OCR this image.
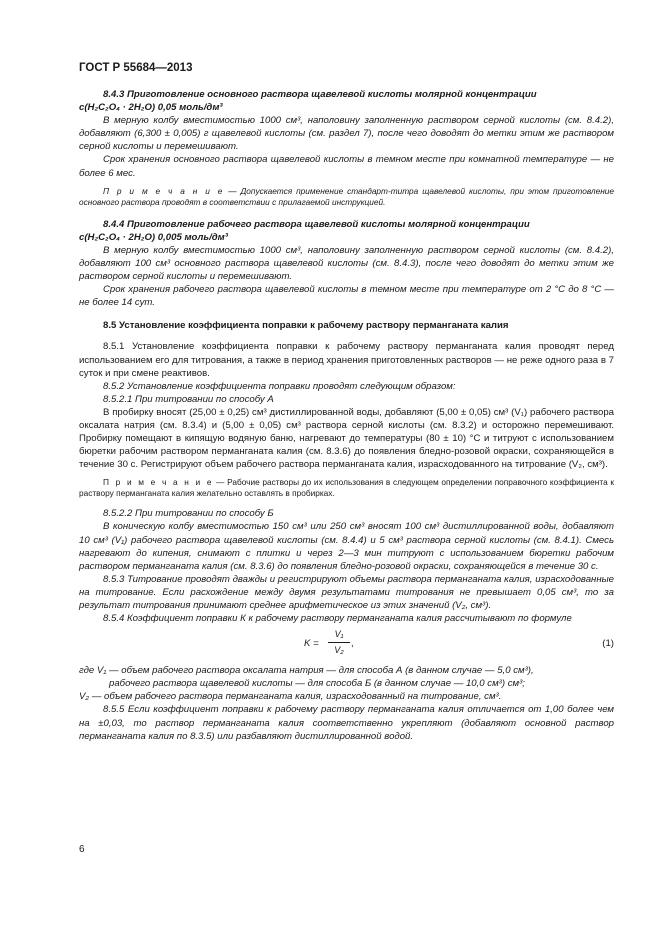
ГОСТ Р 55684—2013

8.4.3 Приготовление основного раствора щавелевой кислоты молярной концентрации

c(H₂C₂O₄ · 2H₂O) 0,05 моль/дм³

В мерную колбу вместимостью 1000 см³, наполовину заполненную раствором серной кислоты (см. 8.4.2), добавляют (6,300 ± 0,005) г щавелевой кислоты (см. раздел 7), после чего доводят до метки этим же раствором серной кислоты и перемешивают.

Срок хранения основного раствора щавелевой кислоты в темном месте при комнатной температуре — не более 6 мес.

П р и м е ч а н и е — Допускается применение стандарт-титра щавелевой кислоты, при этом приготовление основного раствора проводят в соответствии с прилагаемой инструкцией.

8.4.4 Приготовление рабочего раствора щавелевой кислоты молярной концентрации

c(H₂C₂O₄ · 2H₂O) 0,005 моль/дм³

В мерную колбу вместимостью 1000 см³, наполовину заполненную раствором серной кислоты (см. 8.4.2), добавляют 100 см³ основного раствора щавелевой кислоты (см. 8.4.3), после чего доводят до метки этим же раствором серной кислоты и перемешивают.

Срок хранения рабочего раствора щавелевой кислоты в темном месте при температуре от 2 °С до 8 °С — не более 14 сут.

8.5 Установление коэффициента поправки к рабочему раствору перманганата калия

8.5.1 Установление коэффициента поправки к рабочему раствору перманганата калия проводят перед использованием его для титрования, а также в период хранения приготовленных растворов — не реже одного раза в 7 суток и при смене реактивов.

8.5.2 Установление коэффициента поправки проводят следующим образом:

8.5.2.1 При титровании по способу А

В пробирку вносят (25,00 ± 0,25) см³ дистиллированной воды, добавляют (5,00 ± 0,05) см³ (V₁) рабочего раствора оксалата натрия (см. 8.3.4) и (5,00 ± 0,05) см³ раствора серной кислоты (см. 8.3.2) и осторожно перемешивают. Пробирку помещают в кипящую водяную баню, нагревают до температуры (80 ± 10) °С и титруют с использованием бюретки рабочим раствором перманганата калия (см. 8.3.6) до появления бледно-розовой окраски, сохраняющейся в течение 30 с. Регистрируют объем рабочего раствора перманганата калия, израсходованного на титрование (V₂, см³).

П р и м е ч а н и е — Рабочие растворы до их использования в следующем определении поправочного коэффициента к раствору перманганата калия желательно оставлять в пробирках.

8.5.2.2 При титровании по способу Б

В коническую колбу вместимостью 150 см³ или 250 см³ вносят 100 см³ дистиллированной воды, добавляют 10 см³ (V₁) рабочего раствора щавелевой кислоты (см. 8.4.4) и 5 см³ раствора серной кислоты (см. 8.4.1). Смесь нагревают до кипения, снимают с плитки и через 2—3 мин титруют с использованием бюретки рабочим раствором перманганата калия (см. 8.3.6) до появления бледно-розовой окраски, сохраняющейся в течение 30 с.

8.5.3 Титрование проводят дважды и регистрируют объемы раствора перманганата калия, израсходованные на титрование. Если расхождение между двумя результатами титрования не превышает 0,05 см³, то за результат титрования принимают среднее арифметическое из этих значений (V₂, см³).

8.5.4 Коэффициент поправки К к рабочему раствору перманганата калия рассчитывают по формуле

K =
V₁
V₂
,	(1)

где V₁ — объем рабочего раствора оксалата натрия — для способа А (в данном случае — 5,0 см³),

рабочего раствора щавелевой кислоты — для способа Б (в данном случае — 10,0 см³) см³;

V₂ — объем рабочего раствора перманганата калия, израсходованный на титрование, см³.

8.5.5 Если коэффициент поправки к рабочему раствору перманганата калия отличается от 1,00 более чем на ±0,03, то раствор перманганата калия соответственно укрепляют (добавляют основной раствор перманганата калия по 8.3.5) или разбавляют дистиллированной водой.

6
